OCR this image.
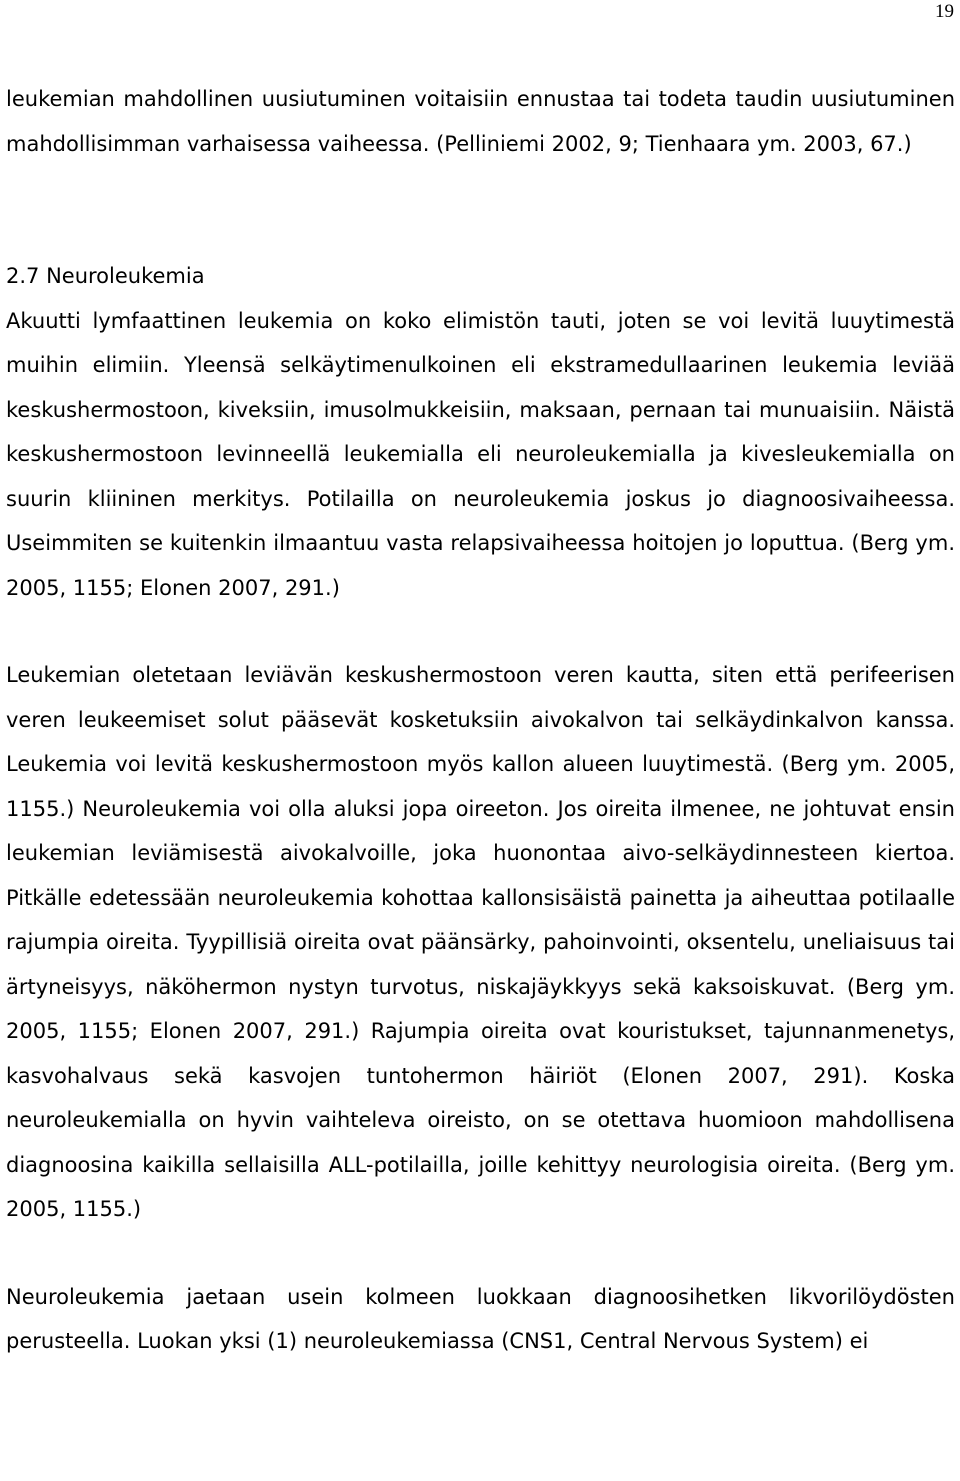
19

leukemian mahdollinen uusiutuminen voitaisiin ennustaa tai todeta taudin uusiutuminen mahdollisimman varhaisessa vaiheessa. (Pelliniemi 2002, 9; Tienhaara ym. 2003, 67.)

2.7 Neuroleukemia

Akuutti lymfaattinen leukemia on koko elimistön tauti, joten se voi levitä luuytimestä muihin elimiin. Yleensä selkäytimenulkoinen eli ekstramedullaarinen leukemia leviää keskushermostoon, kiveksiin, imusolmukkeisiin, maksaan, pernaan tai munuaisiin. Näistä keskushermostoon levinneellä leukemialla eli neuroleukemialla ja kivesleukemialla on suurin kliininen merkitys. Potilailla on neuroleukemia joskus jo diagnoosivaiheessa. Useimmiten se kuitenkin ilmaantuu vasta relapsivaiheessa hoitojen jo loputtua. (Berg ym. 2005, 1155; Elonen 2007, 291.)

Leukemian oletetaan leviävän keskushermostoon veren kautta, siten että perifeerisen veren leukeemiset solut pääsevät kosketuksiin aivokalvon tai selkäydinkalvon kanssa. Leukemia voi levitä keskushermostoon myös kallon alueen luuytimestä. (Berg ym. 2005, 1155.) Neuroleukemia voi olla aluksi jopa oireeton. Jos oireita ilmenee, ne johtuvat ensin leukemian leviämisestä aivokalvoille, joka huonontaa aivo-selkäydinnesteen kiertoa. Pitkälle edetessään neuroleukemia kohottaa kallonsisäistä painetta ja aiheuttaa potilaalle rajumpia oireita. Tyypillisiä oireita ovat päänsärky, pahoinvointi, oksentelu, uneliaisuus tai ärtyneisyys, näköhermon nystyn turvotus, niskajäykkyys sekä kaksoiskuvat. (Berg ym. 2005, 1155; Elonen 2007, 291.) Rajumpia oireita ovat kouristukset, tajunnanmenetys, kasvohalvaus sekä kasvojen tuntohermon häiriöt (Elonen 2007, 291). Koska neuroleukemialla on hyvin vaihteleva oireisto, on se otettava huomioon mahdollisena diagnoosina kaikilla sellaisilla ALL-potilailla, joille kehittyy neurologisia oireita. (Berg ym. 2005, 1155.)

Neuroleukemia jaetaan usein kolmeen luokkaan diagnoosihetken likvorilöydösten perusteella. Luokan yksi (1) neuroleukemiassa (CNS1, Central Nervous System) ei
